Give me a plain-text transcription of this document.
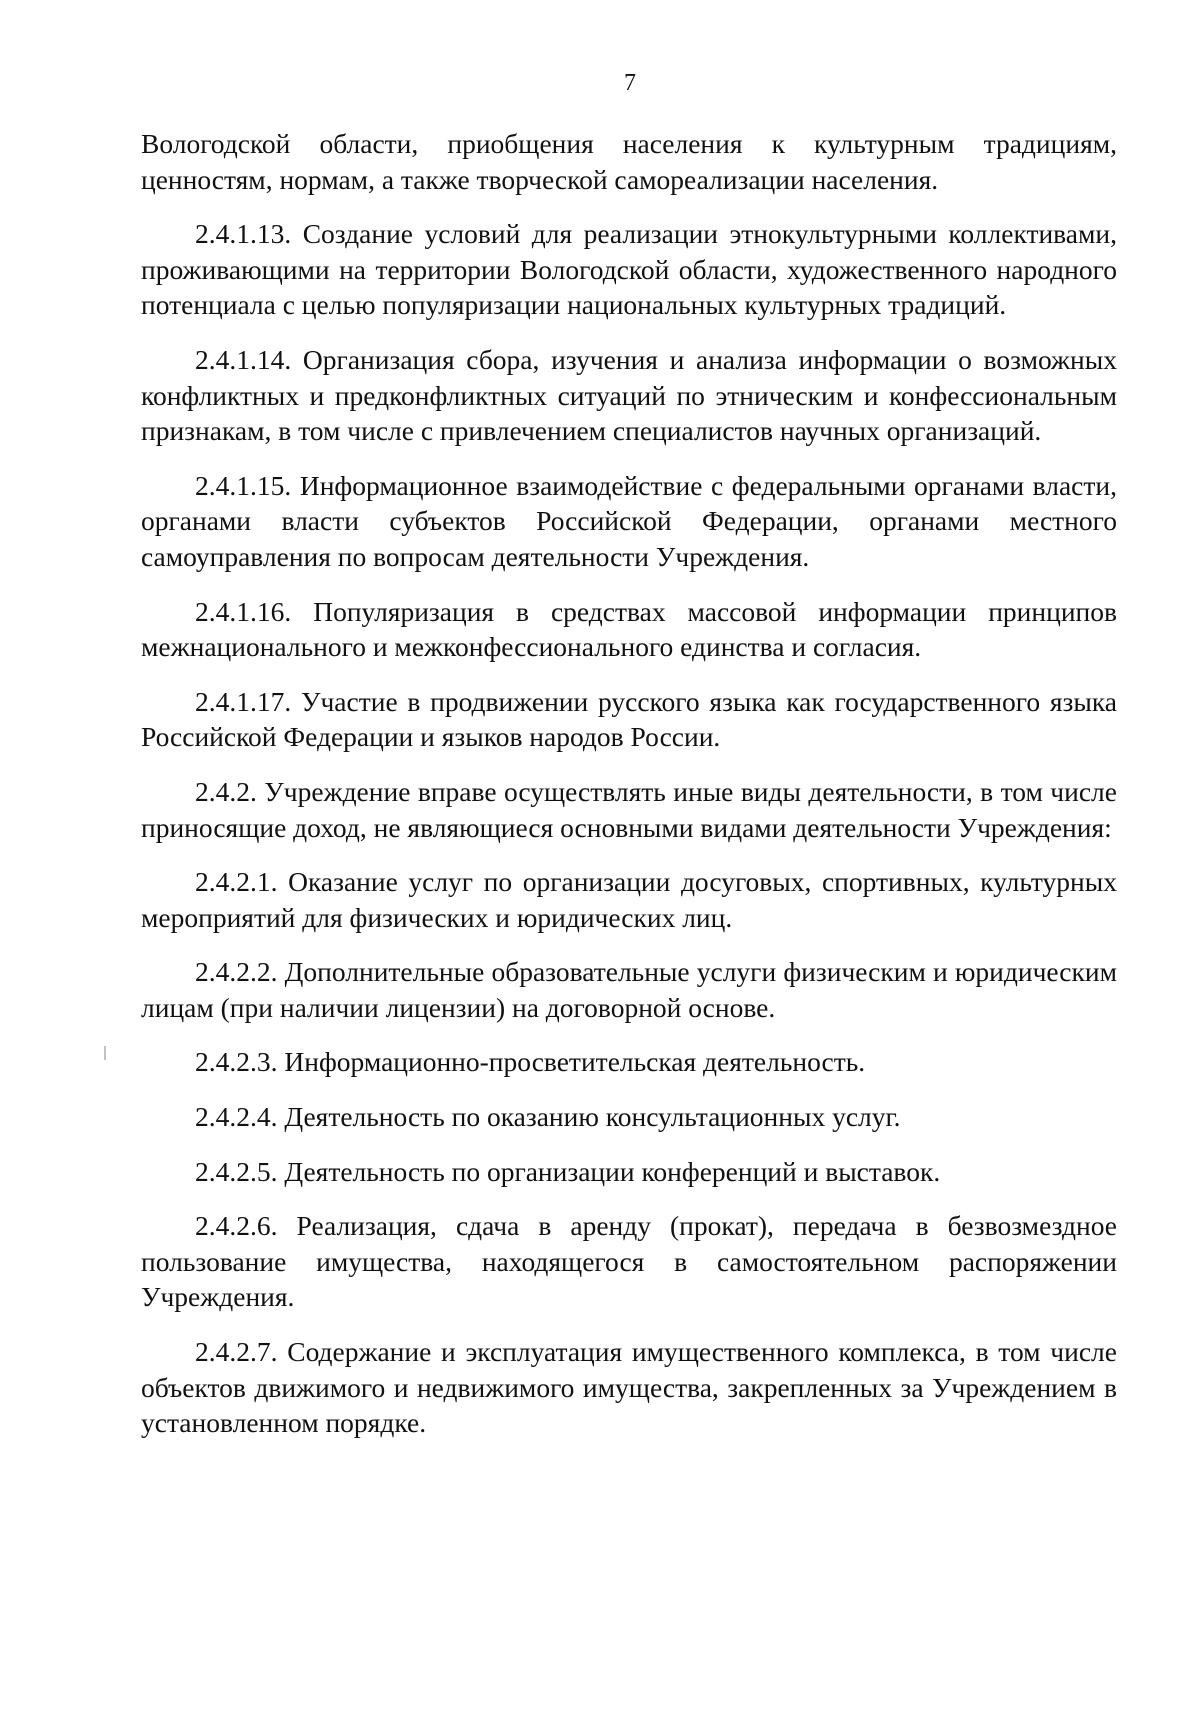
7

Вологодской области, приобщения населения к культурным традициям, ценностям, нормам, а также творческой самореализации населения.

2.4.1.13. Создание условий для реализации этнокультурными коллективами, проживающими на территории Вологодской области, художественного народного потенциала с целью популяризации национальных культурных традиций.

2.4.1.14. Организация сбора, изучения и анализа информации о возможных конфликтных и предконфликтных ситуаций по этническим и конфессиональным признакам, в том числе с привлечением специалистов научных организаций.

2.4.1.15. Информационное взаимодействие с федеральными органами власти, органами власти субъектов Российской Федерации, органами местного самоуправления по вопросам деятельности Учреждения.

2.4.1.16. Популяризация в средствах массовой информации принципов межнационального и межконфессионального единства и согласия.

2.4.1.17. Участие в продвижении русского языка как государственного языка Российской Федерации и языков народов России.

2.4.2. Учреждение вправе осуществлять иные виды деятельности, в том числе приносящие доход, не являющиеся основными видами деятельности Учреждения:

2.4.2.1. Оказание услуг по организации досуговых, спортивных, культурных мероприятий для физических и юридических лиц.

2.4.2.2. Дополнительные образовательные услуги физическим и юридическим лицам (при наличии лицензии) на договорной основе.

2.4.2.3. Информационно-просветительская деятельность.

2.4.2.4. Деятельность по оказанию консультационных услуг.

2.4.2.5. Деятельность по организации конференций и выставок.

2.4.2.6. Реализация, сдача в аренду (прокат), передача в безвозмездное пользование имущества, находящегося в самостоятельном распоряжении Учреждения.

2.4.2.7. Содержание и эксплуатация имущественного комплекса, в том числе объектов движимого и недвижимого имущества, закрепленных за Учреждением в установленном порядке.
